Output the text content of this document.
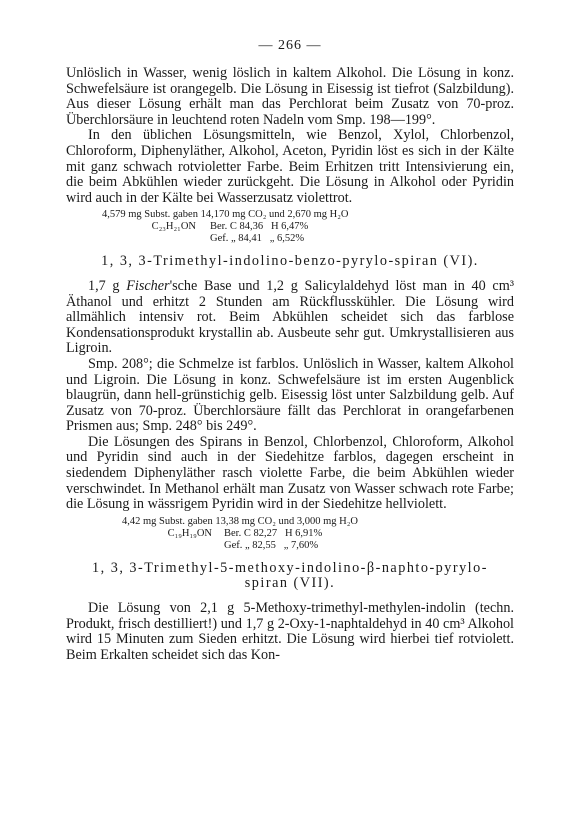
— 266 —

Unlöslich in Wasser, wenig löslich in kaltem Alkohol. Die Lösung in konz. Schwefelsäure ist orangegelb. Die Lösung in Eisessig ist tiefrot (Salzbildung). Aus dieser Lösung erhält man das Perchlorat beim Zusatz von 70-proz. Überchlorsäure in leuchtend roten Nadeln vom Smp. 198—199°.

In den üblichen Lösungsmitteln, wie Benzol, Xylol, Chlorbenzol, Chloroform, Diphenyläther, Alkohol, Aceton, Pyridin löst es sich in der Kälte mit ganz schwach rotvioletter Farbe. Beim Erhitzen tritt Intensivierung ein, die beim Abkühlen wieder zurückgeht. Die Lösung in Alkohol oder Pyridin wird auch in der Kälte bei Wasserzusatz violettrot.

4,579 mg Subst. gaben 14,170 mg CO₂ und 2,670 mg H₂O
C₂₃H₂₁ON	Ber. C 84,36   H 6,47%
Gef. „ 84,41   „ 6,52%
1, 3, 3-Trimethyl-indolino-benzo-pyrylo-spiran (VI).

1,7 g Fischer'sche Base und 1,2 g Salicylaldehyd löst man in 40 cm³ Äthanol und erhitzt 2 Stunden am Rückflusskühler. Die Lösung wird allmählich intensiv rot. Beim Abkühlen scheidet sich das farblose Kondensationsprodukt krystallin ab. Ausbeute sehr gut. Umkrystallisieren aus Ligroin.

Smp. 208°; die Schmelze ist farblos. Unlöslich in Wasser, kaltem Alkohol und Ligroin. Die Lösung in konz. Schwefelsäure ist im ersten Augenblick blaugrün, dann hell-grünstichig gelb. Eisessig löst unter Salzbildung gelb. Auf Zusatz von 70-proz. Überchlorsäure fällt das Perchlorat in orangefarbenen Prismen aus; Smp. 248° bis 249°.

Die Lösungen des Spirans in Benzol, Chlorbenzol, Chloroform, Alkohol und Pyridin sind auch in der Siedehitze farblos, dagegen erscheint in siedendem Diphenyläther rasch violette Farbe, die beim Abkühlen wieder verschwindet. In Methanol erhält man Zusatz von Wasser schwach rote Farbe; die Lösung in wässrigem Pyridin wird in der Siedehitze hellviolett.

4,42 mg Subst. gaben 13,38 mg CO₂ und 3,000 mg H₂O
C₁₉H₁₉ON	Ber. C 82,27   H 6,91%
Gef. „ 82,55   „ 7,60%
1, 3, 3-Trimethyl-5-methoxy-indolino-β-naphto-pyrylo-
spiran (VII).

Die Lösung von 2,1 g 5-Methoxy-trimethyl-methylen-indolin (techn. Produkt, frisch destilliert!) und 1,7 g 2-Oxy-1-naphtaldehyd in 40 cm³ Alkohol wird 15 Minuten zum Sieden erhitzt. Die Lösung wird hierbei tief rotviolett. Beim Erkalten scheidet sich das Kon-
